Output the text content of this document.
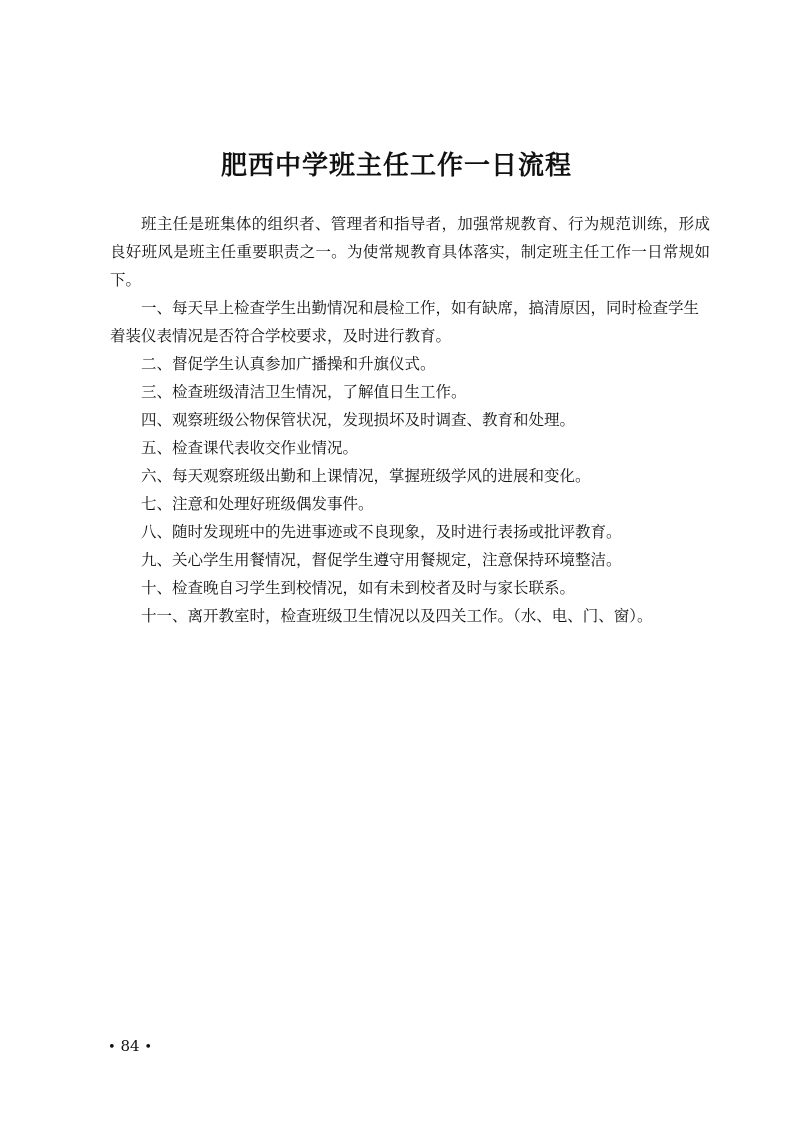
肥西中学班主任工作一日流程

班主任是班集体的组织者、管理者和指导者，加强常规教育、行为规范训练，形成良好班风是班主任重要职责之一。为使常规教育具体落实，制定班主任工作一日常规如下。

一、每天早上检查学生出勤情况和晨检工作，如有缺席，搞清原因，同时检查学生着装仪表情况是否符合学校要求，及时进行教育。

二、督促学生认真参加广播操和升旗仪式。

三、检查班级清洁卫生情况，了解值日生工作。

四、观察班级公物保管状况，发现损坏及时调查、教育和处理。

五、检查课代表收交作业情况。

六、每天观察班级出勤和上课情况，掌握班级学风的进展和变化。

七、注意和处理好班级偶发事件。

八、随时发现班中的先进事迹或不良现象，及时进行表扬或批评教育。

九、关心学生用餐情况，督促学生遵守用餐规定，注意保持环境整洁。

十、检查晚自习学生到校情况，如有未到校者及时与家长联系。

十一、离开教室时，检查班级卫生情况以及四关工作。（水、电、门、窗）。

• 84 •
